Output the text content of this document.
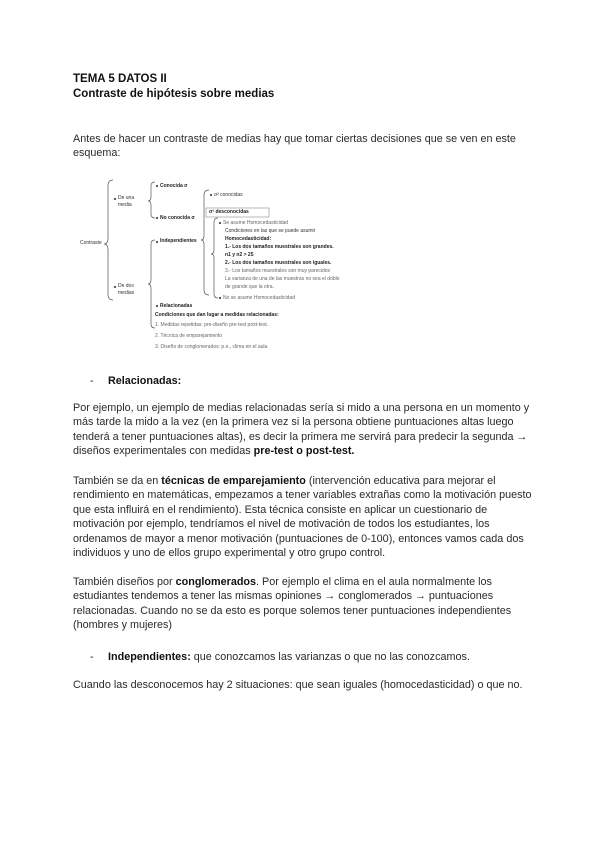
TEMA 5 DATOS II
Contraste de hipótesis sobre medias
Antes de hacer un contraste de medias hay que tomar ciertas decisiones que se ven en este esquema:
Contraste
De una media
De dos medias
Conocida σ
No conocida σ
Independientes
σ² conocidas
σ² desconocidas
Se asume Homocedasticidad
Condiciones en las que se puede asumir
Homocedasticidad:
1.- Los dos tamaños muestrales son grandes.
n1 y n2 > 25
2.- Los dos tamaños muestrales son iguales.
3.- Los tamaños muestrales son muy parecidos
La varianza de una de las muestras no sea el doble
de grande que la otra.
No se asume Homocedasticidad
Relacionadas
Condiciones que dan lugar a medidas relacionadas:
1. Medidas repetidas: pre-diseño pre-test post-test.
2. Técnica de emparejamiento
3. Diseño de conglomerados: p.e., clima en el aula
- Relacionadas:
Por ejemplo, un ejemplo de medias relacionadas sería si mido a una persona en un momento y más tarde la mido a la vez (en la primera vez si la persona obtiene puntuaciones altas luego tenderá a tener puntuaciones altas), es decir la primera me servirá para predecir la segunda → diseños experimentales con medidas pre-test o post-test.
También se da en técnicas de emparejamiento (intervención educativa para mejorar el rendimiento en matemáticas, empezamos a tener variables extrañas como la motivación puesto que esta influirá en el rendimiento). Esta técnica consiste en aplicar un cuestionario de motivación por ejemplo, tendríamos el nivel de motivación de todos los estudiantes, los ordenamos de mayor a menor motivación (puntuaciones de 0-100), entonces vamos cada dos individuos y uno de ellos grupo experimental y otro grupo control.
También diseños por conglomerados. Por ejemplo el clima en el aula normalmente los estudiantes tendemos a tener las mismas opiniones → conglomerados → puntuaciones relacionadas. Cuando no se da esto es porque solemos tener puntuaciones independientes (hombres y mujeres)
- Independientes: que conozcamos las varianzas o que no las conozcamos.
Cuando las desconocemos hay 2 situaciones: que sean iguales (homocedasticidad) o que no.
